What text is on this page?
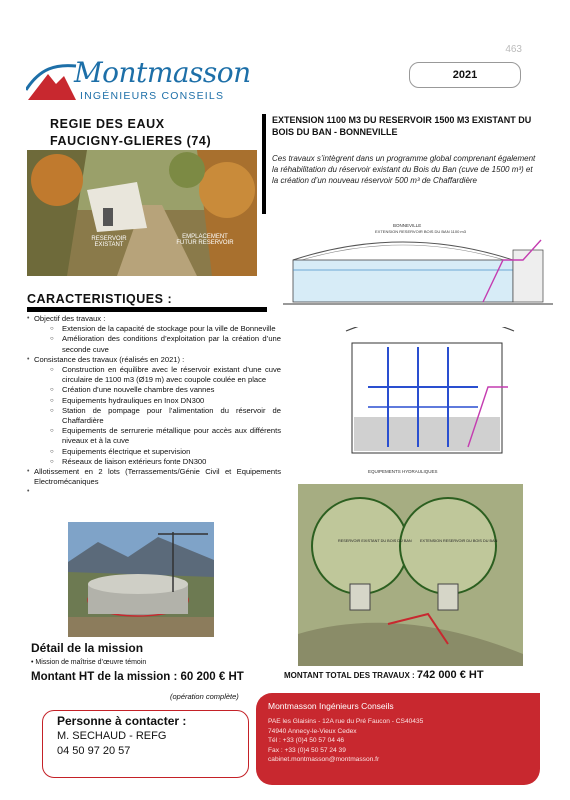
463
Montmasson
INGÉNIEURS CONSEILS
2021
REGIE DES EAUX
FAUCIGNY-GLIERES (74)
EXTENSION 1100 M3 DU RESERVOIR 1500 M3 EXISTANT DU BOIS DU BAN - BONNEVILLE
Ces travaux s’intègrent dans un programme global comprenant également la réhabilitation du réservoir existant du Bois du Ban (cuve de 1500 m³) et la création d’un nouveau réservoir 500 m³ de Chaffardière
RESERVOIR EXISTANT
EMPLACEMENT FUTUR RESERVOIR
BONNEVILLE
EXTENSION RESERVOIR BOIS DU BAN 1100 m3
EQUIPEMENTS HYDRAULIQUES
RESERVOIR EXISTANT DU BOIS DU BAN EXTENSION RESERVOIR DU BOIS DU BAN
CARACTERISTIQUES :
• Objectif des travaux :
○ Extension de la capacité de stockage pour la ville de Bonneville
○ Amélioration des conditions d’exploitation par la création d’une seconde cuve
• Consistance des travaux (réalisés en 2021) :
○ Construction en équilibre avec le réservoir existant d’une cuve circulaire de 1100 m3 (Ø19 m) avec coupole coulée en place
○ Création d’une nouvelle chambre des vannes
○ Equipements hydrauliques en Inox DN300
○ Station de pompage pour l’alimentation du réservoir de Chaffardière
○ Equipements de serrurerie métallique pour accès aux différents niveaux et à la cuve
○ Equipements électrique et supervision
○ Réseaux de liaison extérieurs fonte DN300
• Allotissement en 2 lots (Terrassements/Génie Civil et Equipements Electromécaniques
•
Détail de la mission
• Mission de maîtrise d’œuvre témoin
Montant HT de la mission : 60 200 € HT
(opération complète)
MONTANT TOTAL DES TRAVAUX : 742 000 € HT
Personne à contacter :
M. SECHAUD - REFG
04 50 97 20 57
Montmasson Ingénieurs Conseils
PAE les Glaisins - 12A rue du Pré Faucon - CS40435
74940 Annecy-le-Vieux Cedex
Tél : +33 (0)4 50 57 04 46
Fax : +33 (0)4 50 57 24 39
cabinet.montmasson@montmasson.fr
